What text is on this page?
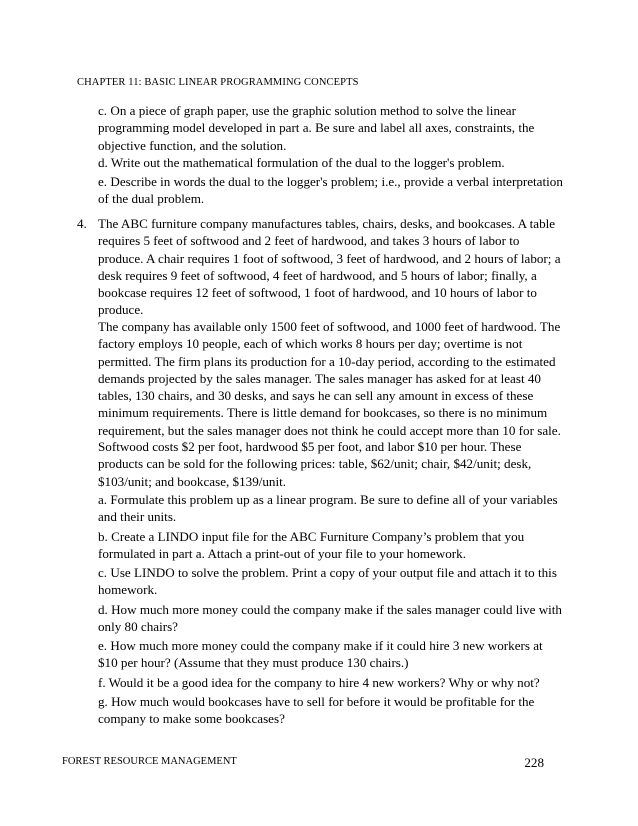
CHAPTER 11: BASIC LINEAR PROGRAMMING CONCEPTS
c. On a piece of graph paper, use the graphic solution method to solve the linear
programming model developed in part a. Be sure and label all axes, constraints, the
objective function, and the solution.
d. Write out the mathematical formulation of the dual to the logger's problem.
e. Describe in words the dual to the logger's problem; i.e., provide a verbal interpretation
of the dual problem.
4. The ABC furniture company manufactures tables, chairs, desks, and bookcases. A table
requires 5 feet of softwood and 2 feet of hardwood, and takes 3 hours of labor to
produce. A chair requires 1 foot of softwood, 3 feet of hardwood, and 2 hours of labor; a
desk requires 9 feet of softwood, 4 feet of hardwood, and 5 hours of labor; finally, a
bookcase requires 12 feet of softwood, 1 foot of hardwood, and 10 hours of labor to
produce.
The company has available only 1500 feet of softwood, and 1000 feet of hardwood. The
factory employs 10 people, each of which works 8 hours per day; overtime is not
permitted. The firm plans its production for a 10-day period, according to the estimated
demands projected by the sales manager. The sales manager has asked for at least 40
tables, 130 chairs, and 30 desks, and says he can sell any amount in excess of these
minimum requirements. There is little demand for bookcases, so there is no minimum
requirement, but the sales manager does not think he could accept more than 10 for sale.
Softwood costs $2 per foot, hardwood $5 per foot, and labor $10 per hour. These
products can be sold for the following prices: table, $62/unit; chair, $42/unit; desk,
$103/unit; and bookcase, $139/unit.
a. Formulate this problem up as a linear program. Be sure to define all of your variables
and their units.
b. Create a LINDO input file for the ABC Furniture Company’s problem that you
formulated in part a. Attach a print-out of your file to your homework.
c. Use LINDO to solve the problem. Print a copy of your output file and attach it to this
homework.
d. How much more money could the company make if the sales manager could live with
only 80 chairs?
e. How much more money could the company make if it could hire 3 new workers at
$10 per hour? (Assume that they must produce 130 chairs.)
f. Would it be a good idea for the company to hire 4 new workers? Why or why not?
g. How much would bookcases have to sell for before it would be profitable for the
company to make some bookcases?
FOREST RESOURCE MANAGEMENT	228
